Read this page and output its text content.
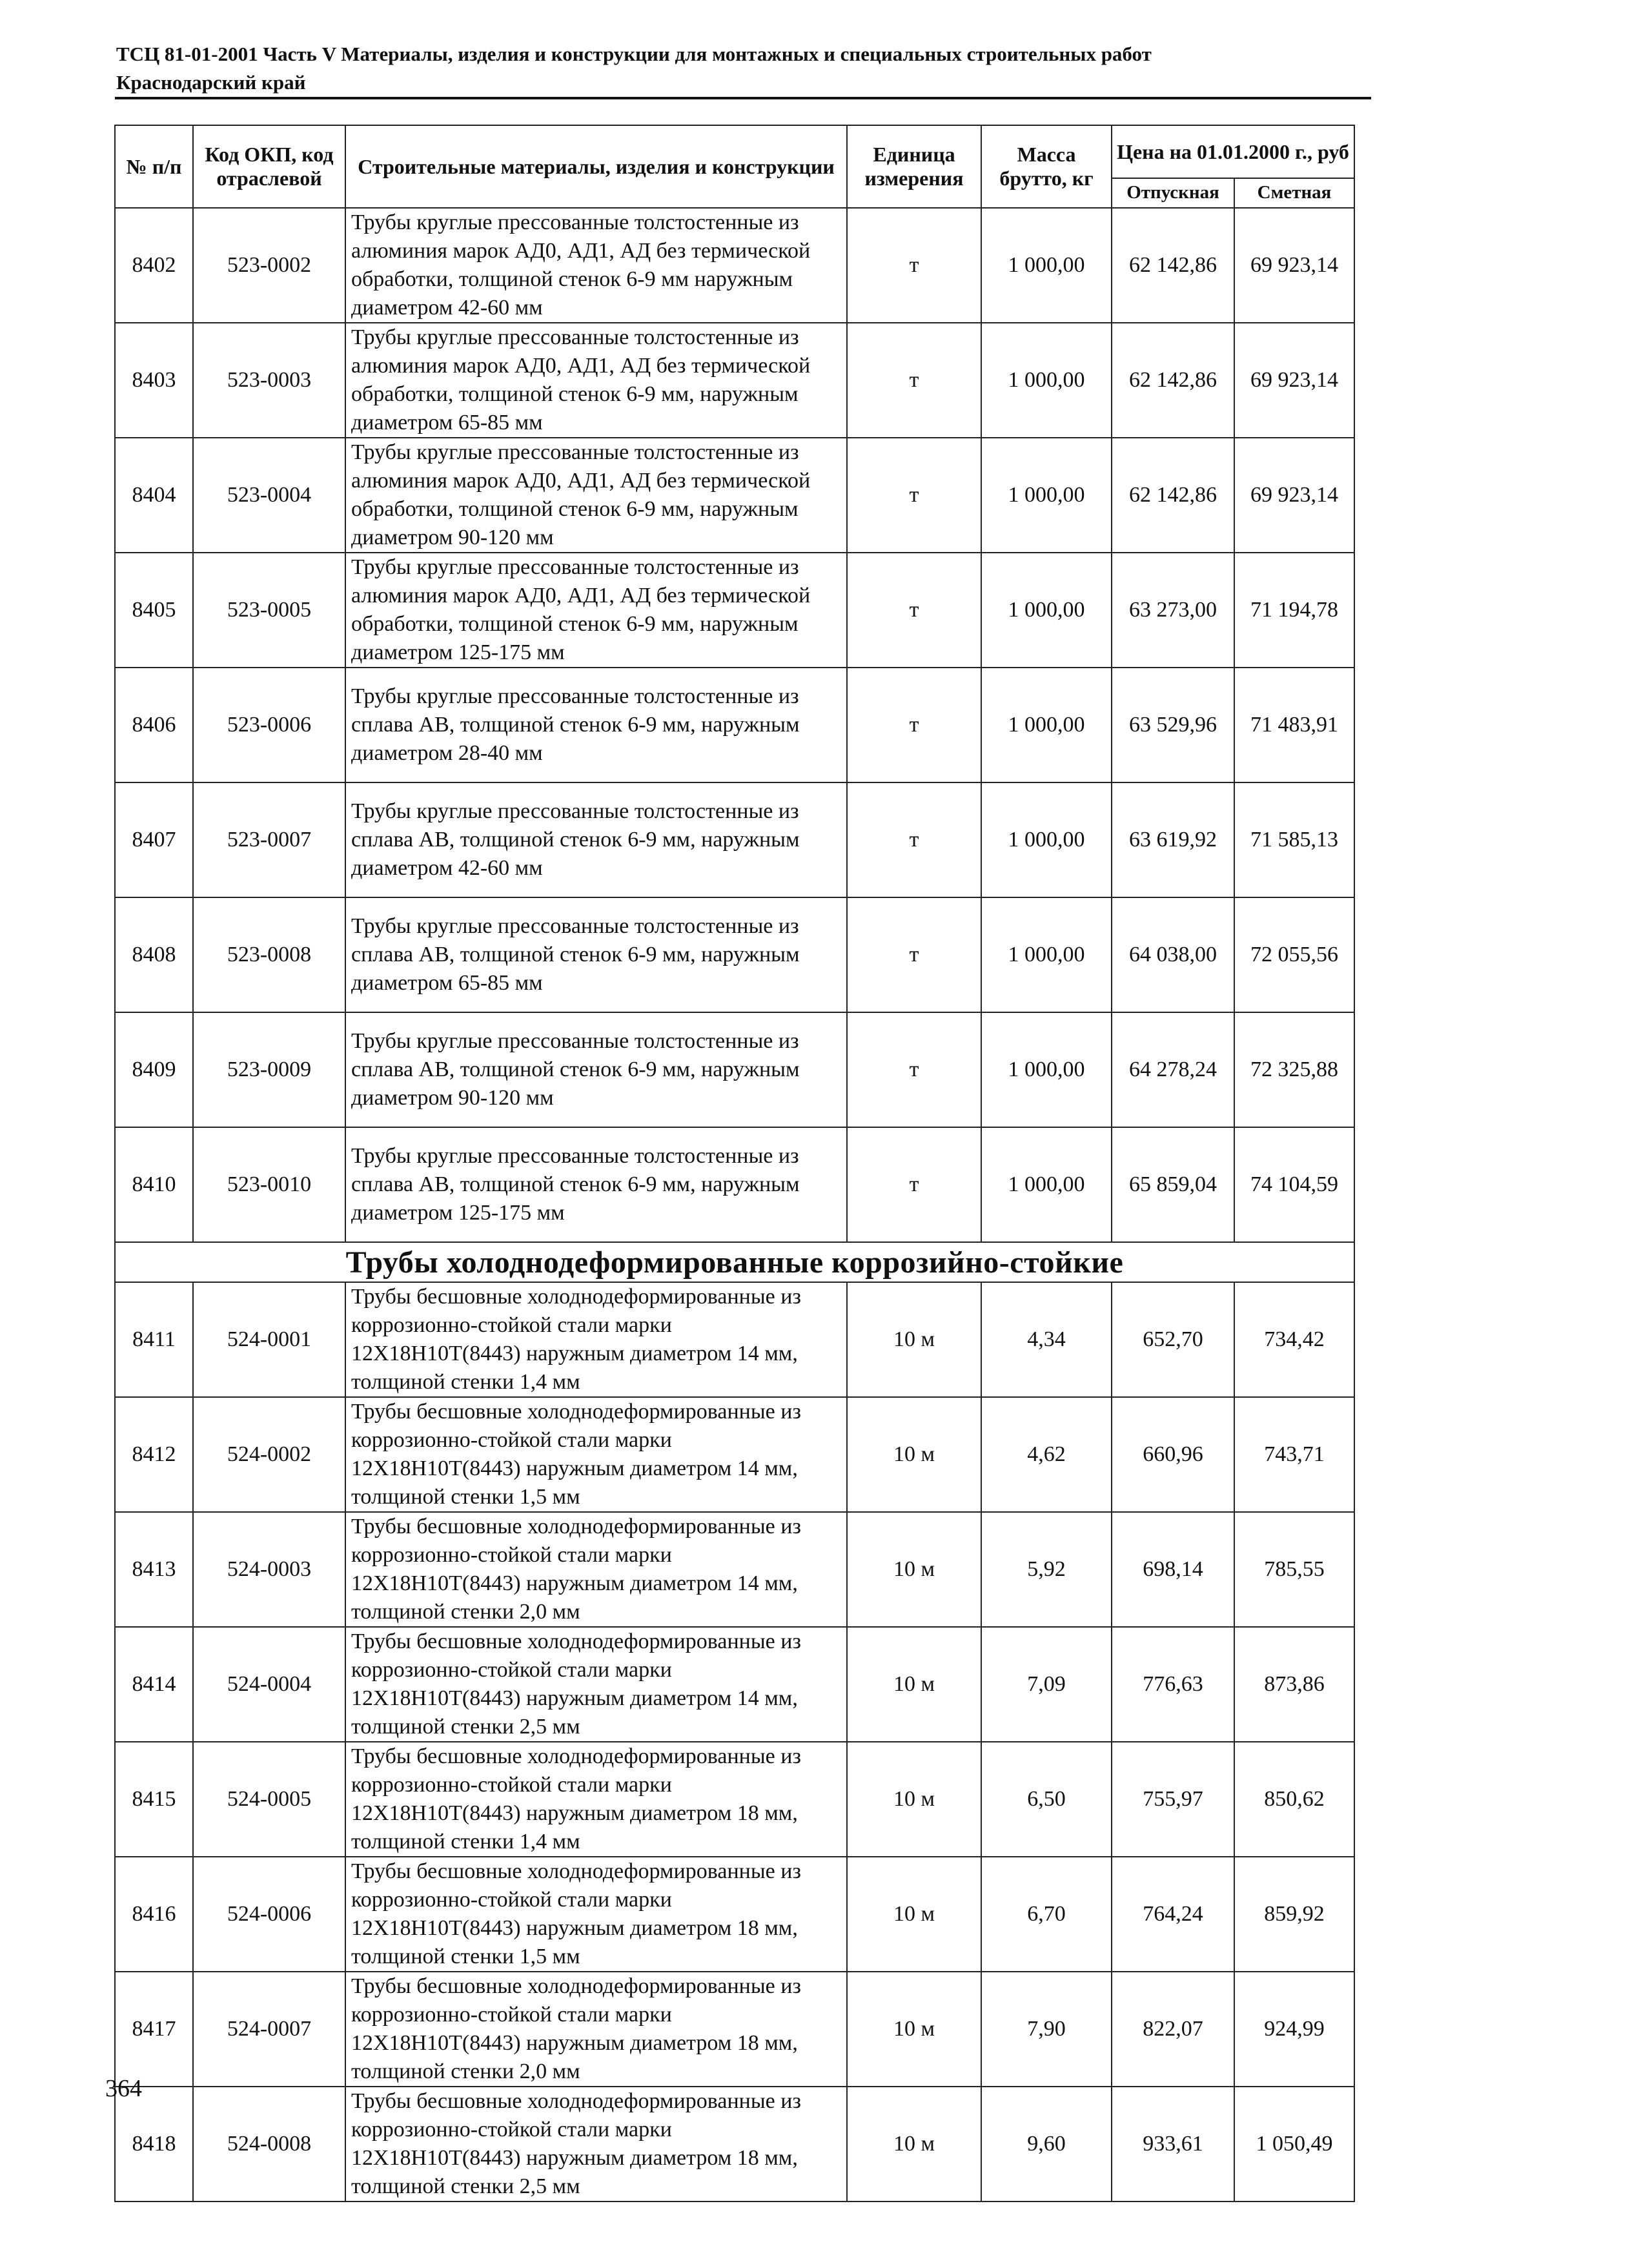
ТСЦ 81-01-2001 Часть V Материалы, изделия и конструкции для монтажных и специальных строительных работ
Краснодарский край
№ п/п	Код ОКП, код отраслевой	Строительные материалы, изделия и конструкции	Единица измерения	Масса брутто, кг	Цена на 01.01.2000 г., руб	
					Отпускная	Сметная
8402	523-0002	Трубы круглые прессованные толстостенные из алюминия марок АД0, АД1, АД без термической обработки, толщиной стенок 6-9 мм наружным диаметром 42-60 мм	т	1 000,00	62 142,86	69 923,14
8403	523-0003	Трубы круглые прессованные толстостенные из алюминия марок АД0, АД1, АД без термической обработки, толщиной стенок 6-9 мм, наружным диаметром 65-85 мм	т	1 000,00	62 142,86	69 923,14
8404	523-0004	Трубы круглые прессованные толстостенные из алюминия марок АД0, АД1, АД без термической обработки, толщиной стенок 6-9 мм, наружным диаметром 90-120 мм	т	1 000,00	62 142,86	69 923,14
8405	523-0005	Трубы круглые прессованные толстостенные из алюминия марок АД0, АД1, АД без термической обработки, толщиной стенок 6-9 мм, наружным диаметром 125-175 мм	т	1 000,00	63 273,00	71 194,78
8406	523-0006	Трубы круглые прессованные толстостенные из сплава АВ, толщиной стенок 6-9 мм, наружным диаметром 28-40 мм	т	1 000,00	63 529,96	71 483,91
8407	523-0007	Трубы круглые прессованные толстостенные из сплава АВ, толщиной стенок 6-9 мм, наружным диаметром 42-60 мм	т	1 000,00	63 619,92	71 585,13
8408	523-0008	Трубы круглые прессованные толстостенные из сплава АВ, толщиной стенок 6-9 мм, наружным диаметром 65-85 мм	т	1 000,00	64 038,00	72 055,56
8409	523-0009	Трубы круглые прессованные толстостенные из сплава АВ, толщиной стенок 6-9 мм, наружным диаметром 90-120 мм	т	1 000,00	64 278,24	72 325,88
8410	523-0010	Трубы круглые прессованные толстостенные из сплава АВ, толщиной стенок 6-9 мм, наружным диаметром 125-175 мм	т	1 000,00	65 859,04	74 104,59
Трубы холоднодеформированные коррозийно-стойкие						
8411	524-0001	Трубы бесшовные холоднодеформированные из коррозионно-стойкой стали марки 12Х18Н10Т(8443) наружным диаметром 14 мм, толщиной стенки 1,4 мм	10 м	4,34	652,70	734,42
8412	524-0002	Трубы бесшовные холоднодеформированные из коррозионно-стойкой стали марки 12Х18Н10Т(8443) наружным диаметром 14 мм, толщиной стенки 1,5 мм	10 м	4,62	660,96	743,71
8413	524-0003	Трубы бесшовные холоднодеформированные из коррозионно-стойкой стали марки 12Х18Н10Т(8443) наружным диаметром 14 мм, толщиной стенки 2,0 мм	10 м	5,92	698,14	785,55
8414	524-0004	Трубы бесшовные холоднодеформированные из коррозионно-стойкой стали марки 12Х18Н10Т(8443) наружным диаметром 14 мм, толщиной стенки 2,5 мм	10 м	7,09	776,63	873,86
8415	524-0005	Трубы бесшовные холоднодеформированные из коррозионно-стойкой стали марки 12Х18Н10Т(8443) наружным диаметром 18 мм, толщиной стенки 1,4 мм	10 м	6,50	755,97	850,62
8416	524-0006	Трубы бесшовные холоднодеформированные из коррозионно-стойкой стали марки 12Х18Н10Т(8443) наружным диаметром 18 мм, толщиной стенки 1,5 мм	10 м	6,70	764,24	859,92
8417	524-0007	Трубы бесшовные холоднодеформированные из коррозионно-стойкой стали марки 12Х18Н10Т(8443) наружным диаметром 18 мм, толщиной стенки 2,0 мм	10 м	7,90	822,07	924,99
8418	524-0008	Трубы бесшовные холоднодеформированные из коррозионно-стойкой стали марки 12Х18Н10Т(8443) наружным диаметром 18 мм, толщиной стенки 2,5 мм	10 м	9,60	933,61	1 050,49
364
